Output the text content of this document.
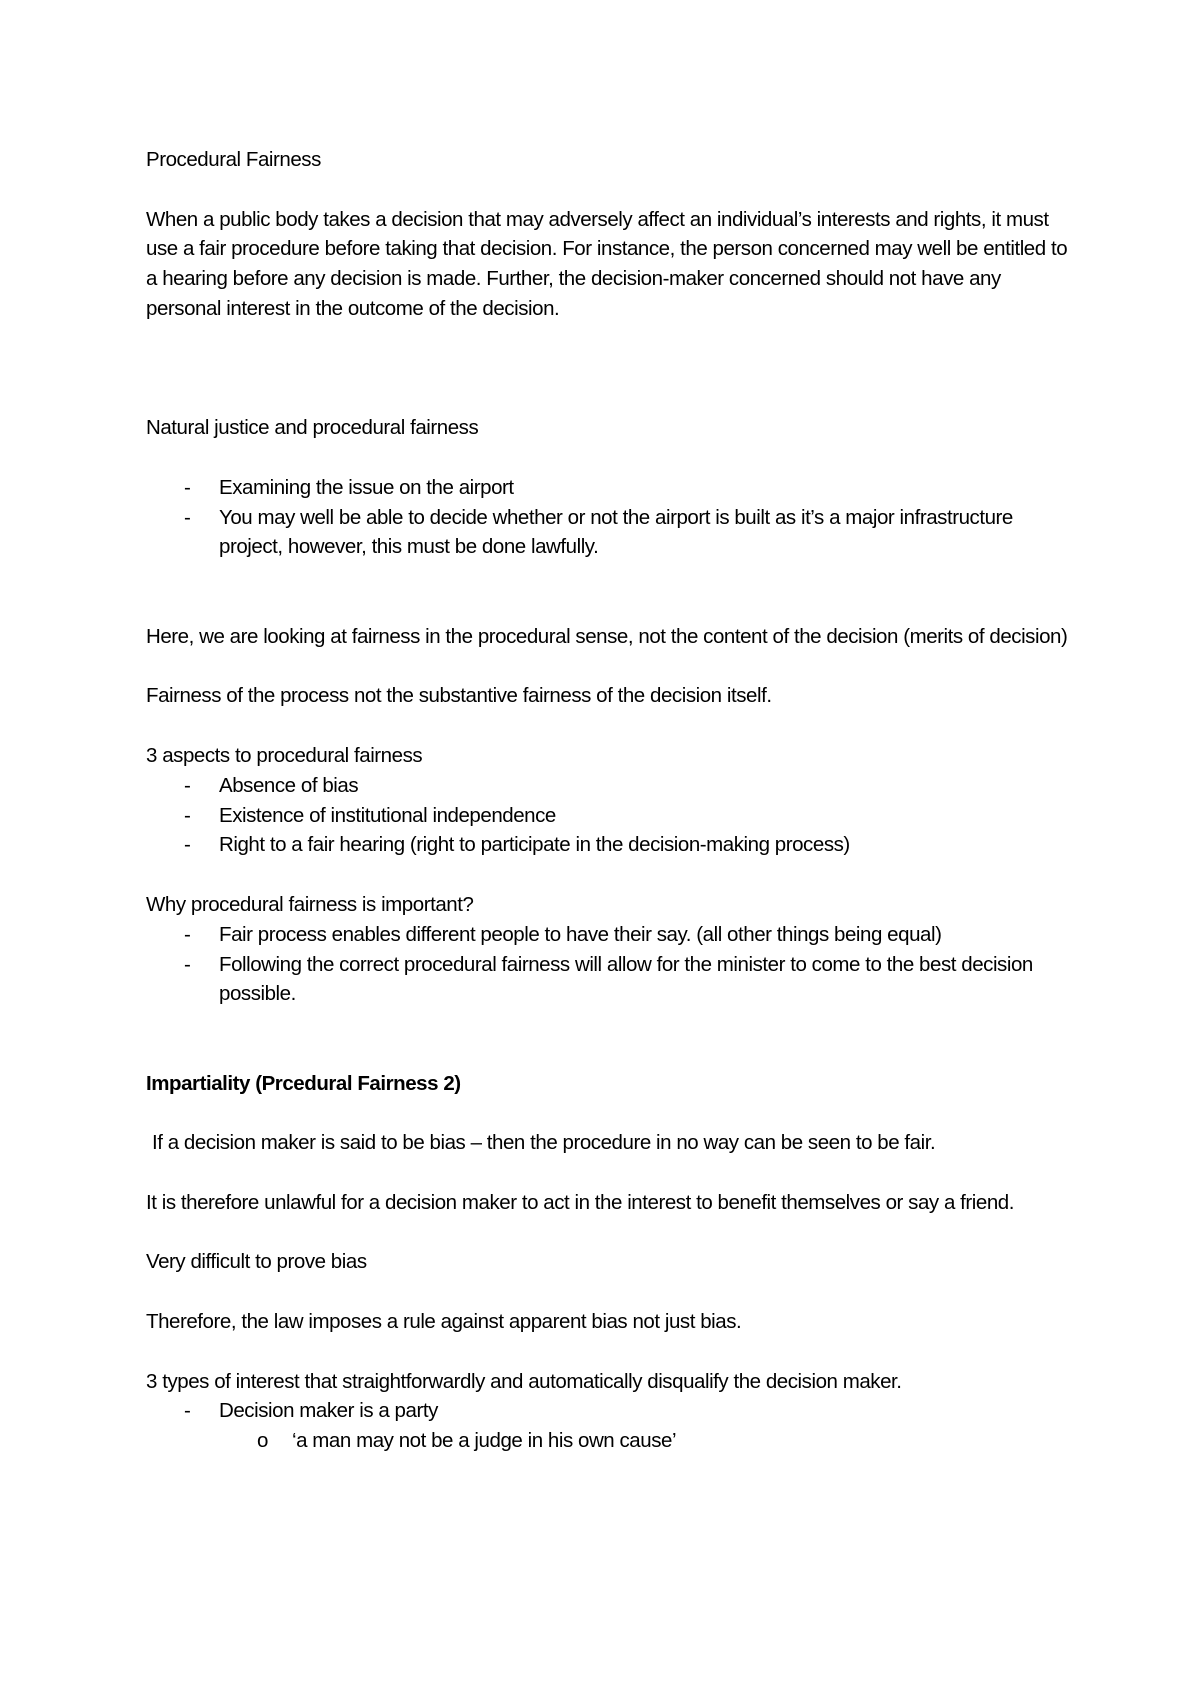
Procedural Fairness

When a public body takes a decision that may adversely affect an individual’s interests and rights, it must use a fair procedure before taking that decision. For instance, the person concerned may well be entitled to a hearing before any decision is made. Further, the decision-maker concerned should not have any personal interest in the outcome of the decision.

Natural justice and procedural fairness

- Examining the issue on the airport
- You may well be able to decide whether or not the airport is built as it’s a major infrastructure project, however, this must be done lawfully.

Here, we are looking at fairness in the procedural sense, not the content of the decision (merits of decision)

Fairness of the process not the substantive fairness of the decision itself.

3 aspects to procedural fairness

- Absence of bias
- Existence of institutional independence
- Right to a fair hearing (right to participate in the decision-making process)

Why procedural fairness is important?

- Fair process enables different people to have their say. (all other things being equal)
- Following the correct procedural fairness will allow for the minister to come to the best decision possible.

Impartiality (Prcedural Fairness 2)

If a decision maker is said to be bias – then the procedure in no way can be seen to be fair.

It is therefore unlawful for a decision maker to act in the interest to benefit themselves or say a friend.

Very difficult to prove bias

Therefore, the law imposes a rule against apparent bias not just bias.

3 types of interest that straightforwardly and automatically disqualify the decision maker.

- Decision maker is a party
o ‘a man may not be a judge in his own cause’
